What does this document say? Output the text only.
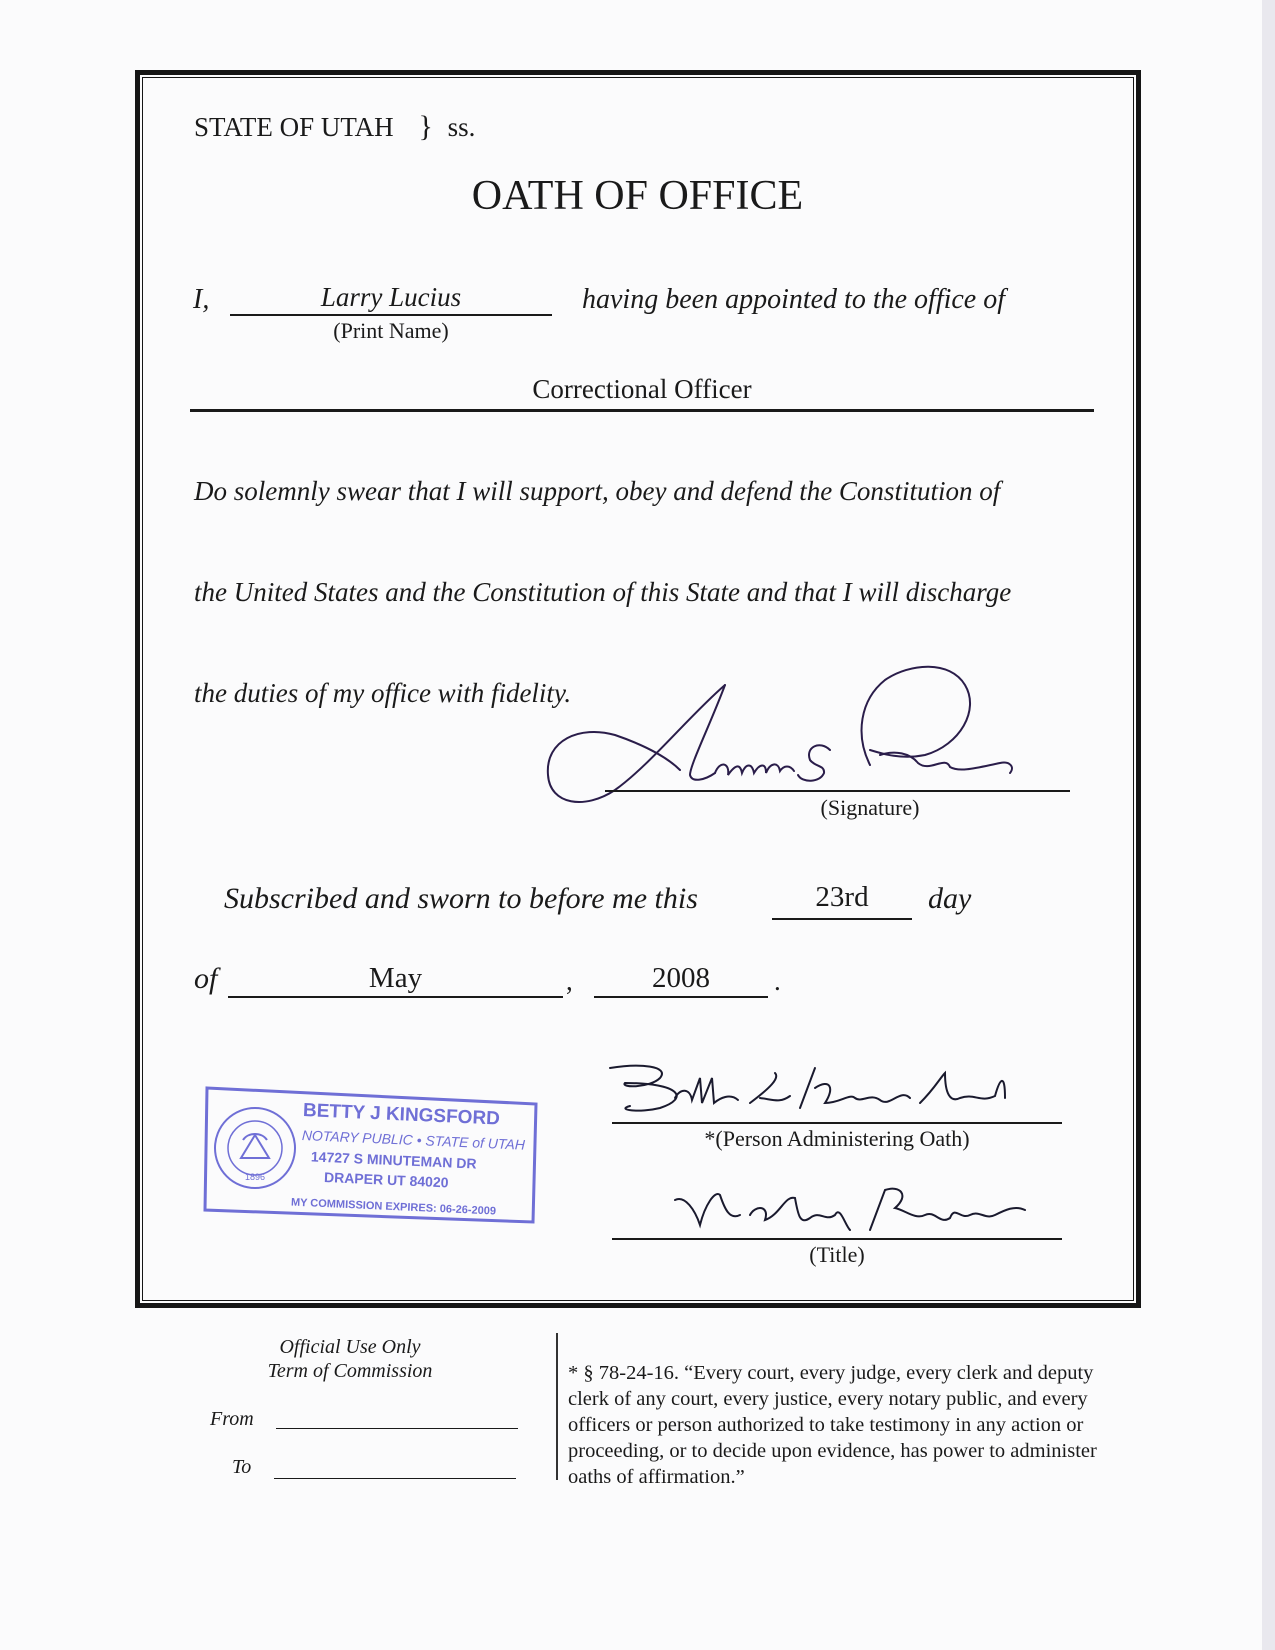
STATE OF UTAH } ss.
OATH OF OFFICE
I,	Larry Lucius
(Print Name)
having been appointed to the office of
Correctional Officer
Do solemnly swear that I will support, obey and defend the Constitution of
the United States and the Constitution of this State and that I will discharge
the duties of my office with fidelity.
(Signature)
Subscribed and sworn to before me this	23rd	day
of	May	,	2008	.
1896
BETTY J KINGSFORD
NOTARY PUBLIC • STATE of UTAH
14727 S MINUTEMAN DR
DRAPER UT 84020
MY COMMISSION EXPIRES: 06-26-2009
*(Person Administering Oath)
(Title)
Official Use Only
Term of Commission
From
To
* § 78-24-16. “Every court, every judge, every clerk and deputy clerk of any court, every justice, every notary public, and every officers or person authorized to take testimony in any action or proceeding, or to decide upon evidence, has power to administer oaths of affirmation.”
